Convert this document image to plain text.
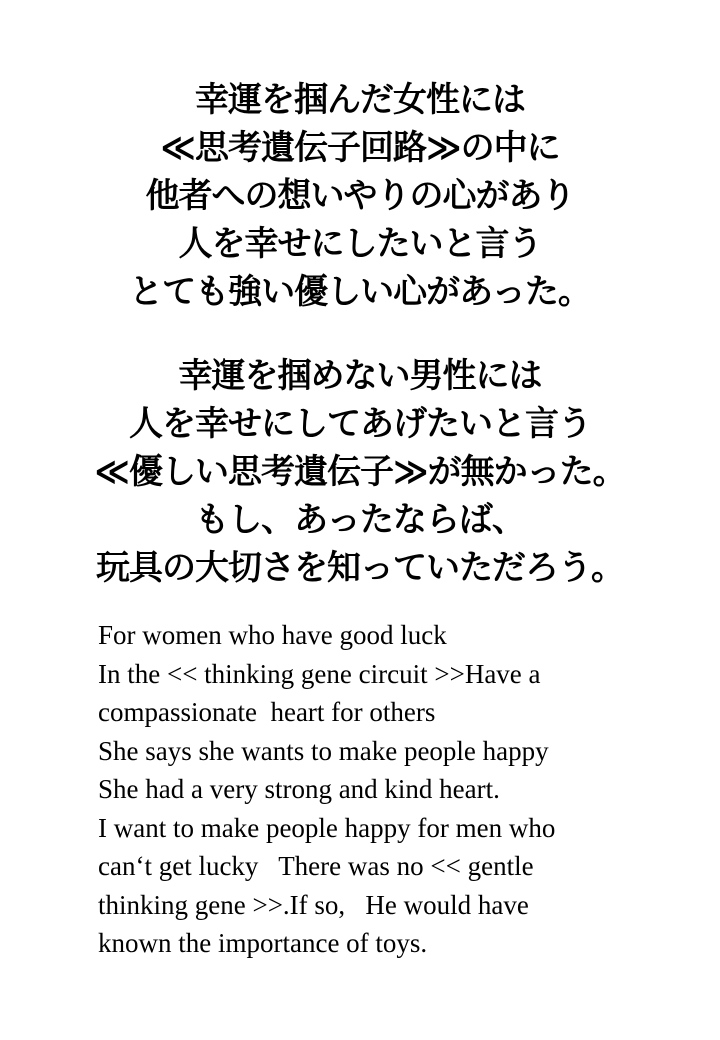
幸運を掴んだ女性には
≪思考遺伝子回路≫の中に
他者への想いやりの心があり
人を幸せにしたいと言う
とても強い優しい心があった。
幸運を掴めない男性には
人を幸せにしてあげたいと言う
≪優しい思考遺伝子≫が無かった。
もし、あったならば、
玩具の大切さを知っていただろう。
For women who have good luck
In the << thinking gene circuit >>Have a
compassionate  heart for others
She says she wants to make people happy
She had a very strong and kind heart.
I want to make people happy for men who
can‘t get lucky   There was no << gentle
thinking gene >>.If so,   He would have
known the importance of toys.
